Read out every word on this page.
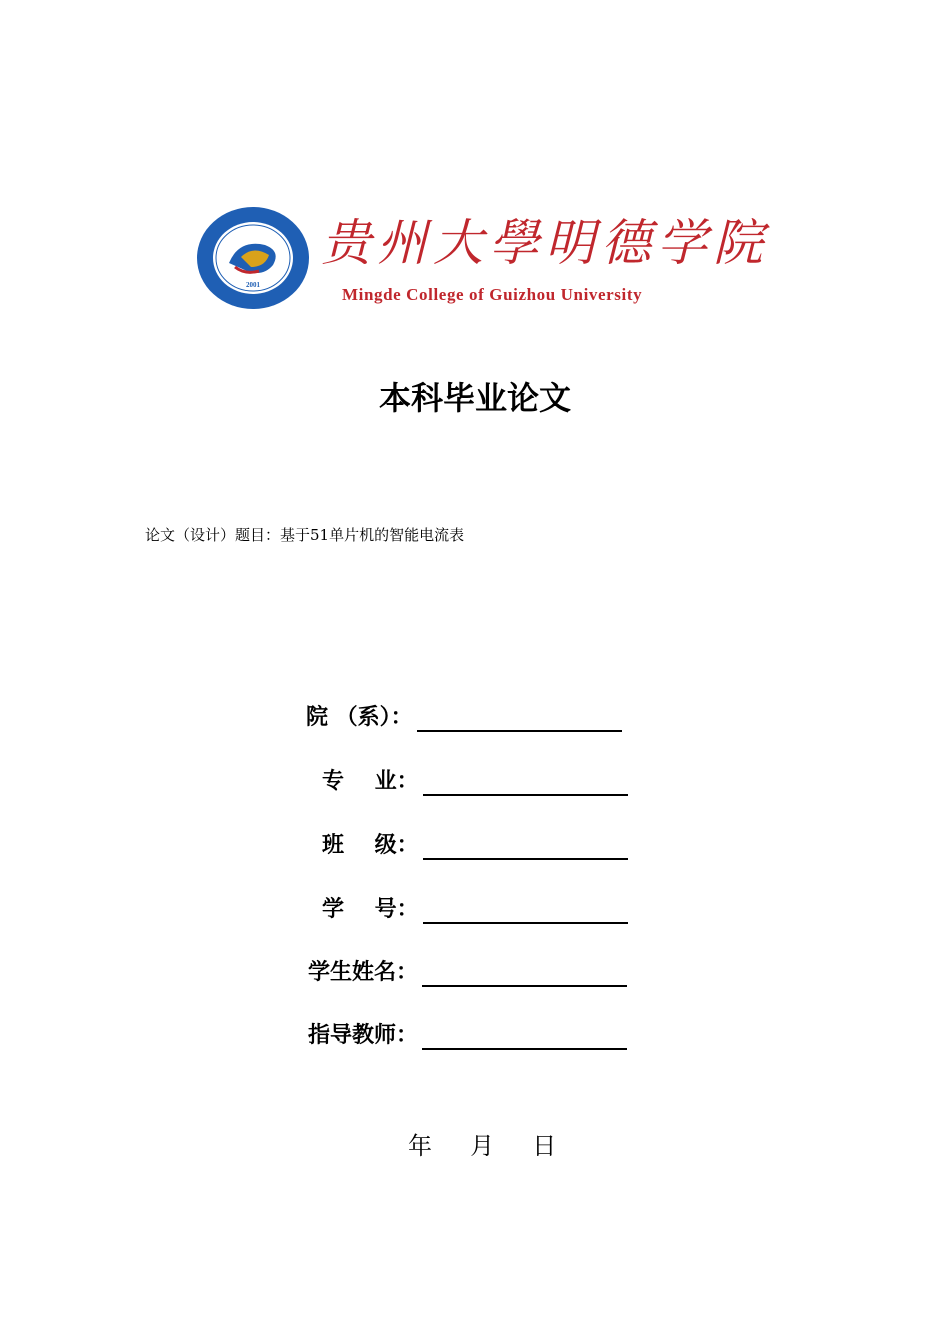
2001
贵州大學明德学院
Mingde College of Guizhou University
本科毕业论文
论文（设计）题目：基于51单片机的智能电流表
院 （系）：
专    业：
班    级：
学    号：
学生姓名：
指导教师：
年     月     日
